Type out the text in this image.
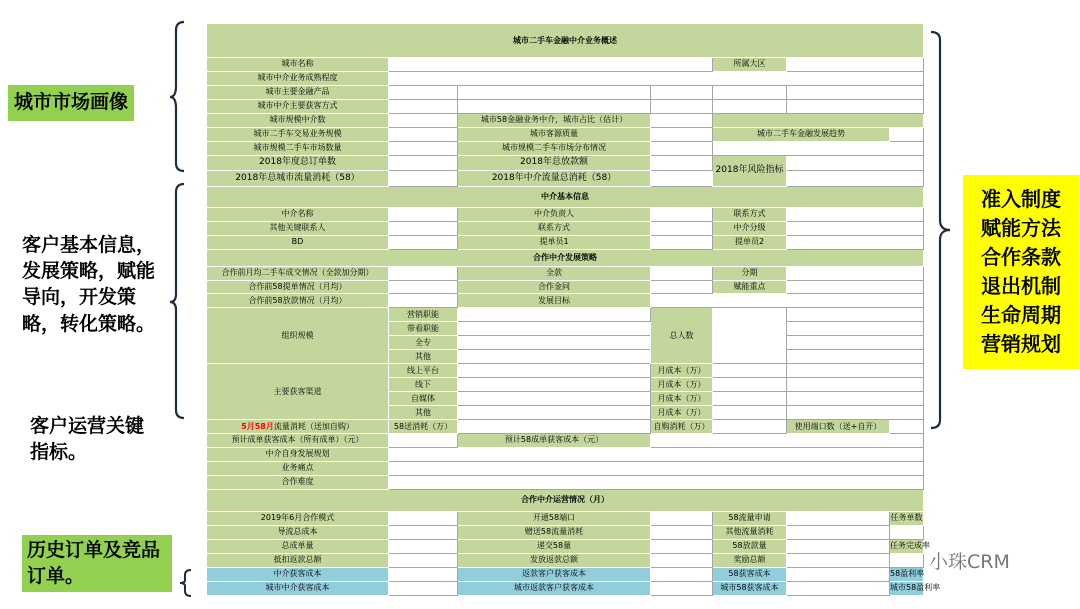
城市市场画像
客户基本信息，发展策略，赋能导向，开发策略，转化策略。
客户运营关键指标。
历史订单及竞品订单。
准入制度
赋能方法
合作条款
退出机制
生命周期
营销规划
小珠CRM
城市二手车金融中介业务概述						
城市名称				所属大区		
城市中介业务成熟程度						
城市主要金融产品						
城市中介主要获客方式						
城市规模中介数		城市58金融业务中介，城市占比（估计）				
城市二手车交易业务规模		城市客源质量		城市二手车金融发展趋势		
城市规模二手车市场数量		城市规模二手车市场分布情况				
2018年度总订单数		2018年总放款额		2018年风险指标		
2018年总城市流量消耗（58）		2018年中介流量总消耗（58）				
中介基本信息						
中介名称		中介负责人		联系方式		
其他关键联系人		联系方式		中介分级		
BD		提单员1		提单员2		
合作中介发展策略						
合作前月均二手车成交情况（全款加分期）		全款		分期		
合作前58提单情况（月均）		合作金同		赋能重点		
合作前58放款情况（月均）		发展目标				
组织规模	营销职能		总人数			
	带看职能					
	全专					
	其他					
主要获客渠道	线上平台		月成本（万）			
	线下		月成本（万）			
	自媒体		月成本（万）			
	其他		月成本（万）			
5月58月流量消耗（送加自购）	58送消耗（万）		自购消耗（万）		使用端口数（送+自开）	
预计成单获客成本（所有成单）（元）		预计58成单获客成本（元）				
中介自身发展规划						
业务痛点						
合作难度						
合作中介运营情况（月）						
2019年6月合作模式		开通58端口		58流量申请		任务单数
导流总成本		赠送58流量消耗		其他流量消耗		
总成单量		递交58量		58放款量		任务完成率
抵扣返款总额		发放返款总额		奖励总额		
中介获客成本		返款客户获客成本		58获客成本		58盈利率
城市中介获客成本		城市返款客户获客成本		城市58获客成本		城市58盈利率
